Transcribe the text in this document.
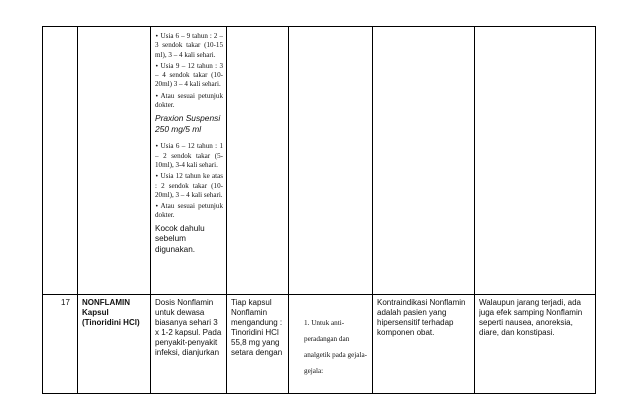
• Usia 6 – 9 tahun : 2 – 3 sendok takar (10-15 ml), 3 – 4 kali sehari.
• Usia 9 – 12 tahun : 3 – 4 sendok takar (10-20ml) 3 – 4 kali sehari.
• Atau sesuai petunjuk dokter.

Praxion Suspensi 250 mg/5 ml

• Usia 6 – 12 tahun : 1 – 2 sendok takar (5-10ml), 3-4 kali sehari.
• Usia 12 tahun ke atas : 2 sendok takar (10-20ml), 3 – 4 kali sehari.
• Atau sesuai petunjuk dokter.

Kocok dahulu sebelum digunakan.

17	NONFLAMIN Kapsul (Tinoridini HCl)
Dosis Nonflamin untuk dewasa biasanya sehari 3 x 1-2 kapsul. Pada penyakit-penyakit infeksi, dianjurkan
Tiap kapsul Nonflamin mengandung : Tinoridini HCl 55,8 mg yang setara dengan
1. Untuk anti-peradangan dan analgetik pada gejala-gejala:
Kontraindikasi Nonflamin adalah pasien yang hipersensitif terhadap komponen obat.
Walaupun jarang terjadi, ada juga efek samping Nonflamin seperti nausea, anoreksia, diare, dan konstipasi.
